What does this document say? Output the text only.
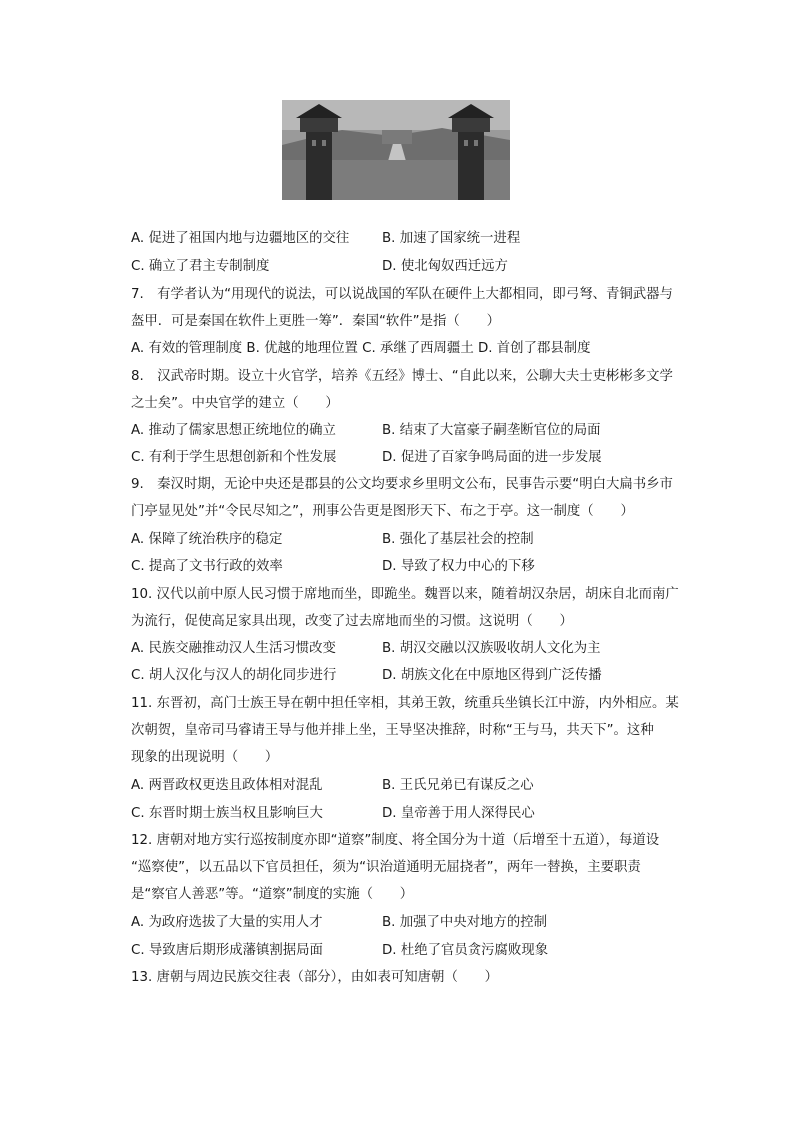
A. 促进了祖国内地与边疆地区的交往 B. 加速了国家统一进程
C. 确立了君主专制制度	D. 使北匈奴西迁远方
7.　有学者认为“用现代的说法，可以说战国的军队在硬件上大都相同，即弓弩、青铜武器与
盔甲．可是秦国在软件上更胜一筹”．秦国“软件”是指（　　）
A. 有效的管理制度 B. 优越的地理位置 C. 承继了西周疆土 D. 首创了郡县制度
8.　汉武帝时期。设立十火官学，培养《五经》博士、“自此以来，公聊大夫士吏彬彬多文学
之士矣”。中央官学的建立（　　）
A. 推动了儒家思想正统地位的确立	B. 结束了大富豪子嗣垄断官位的局面
C. 有利于学生思想创新和个性发展	D. 促进了百家争鸣局面的进一步发展
9.　秦汉时期，无论中央还是郡县的公文均要求乡里明文公布，民事告示要“明白大扁书乡市
门亭显见处”并“令民尽知之”，刑事公告更是图形天下、布之于亭。这一制度（　　）
A. 保障了统治秩序的稳定	B. 强化了基层社会的控制
C. 提高了文书行政的效率	D. 导致了权力中心的下移
10. 汉代以前中原人民习惯于席地而坐，即跪坐。魏晋以来，随着胡汉杂居，胡床自北而南广
为流行，促使高足家具出现，改变了过去席地而坐的习惯。这说明（　　）
A. 民族交融推动汉人生活习惯改变	B. 胡汉交融以汉族吸收胡人文化为主
C. 胡人汉化与汉人的胡化同步进行	D. 胡族文化在中原地区得到广泛传播
11. 东晋初，高门士族王导在朝中担任宰相，其弟王敦，统重兵坐镇长江中游，内外相应。某
次朝贺，皇帝司马睿请王导与他并排上坐，王导坚决推辞，时称“王与马，共天下”。这种
现象的出现说明（　　）
A. 两晋政权更迭且政体相对混乱	B. 王氏兄弟已有谋反之心
C. 东晋时期士族当权且影响巨大	D. 皇帝善于用人深得民心
12. 唐朝对地方实行巡按制度亦即“道察”制度、将全国分为十道（后增至十五道），每道设
“巡察使”，以五品以下官员担任，须为“识治道通明无屈挠者”，两年一替换，主要职责
是“察官人善恶”等。“道察”制度的实施（　　）
A. 为政府选拔了大量的实用人才	B. 加强了中央对地方的控制
C. 导致唐后期形成藩镇割据局面	D. 杜绝了官员贪污腐败现象
13. 唐朝与周边民族交往表（部分），由如表可知唐朝（　　）
